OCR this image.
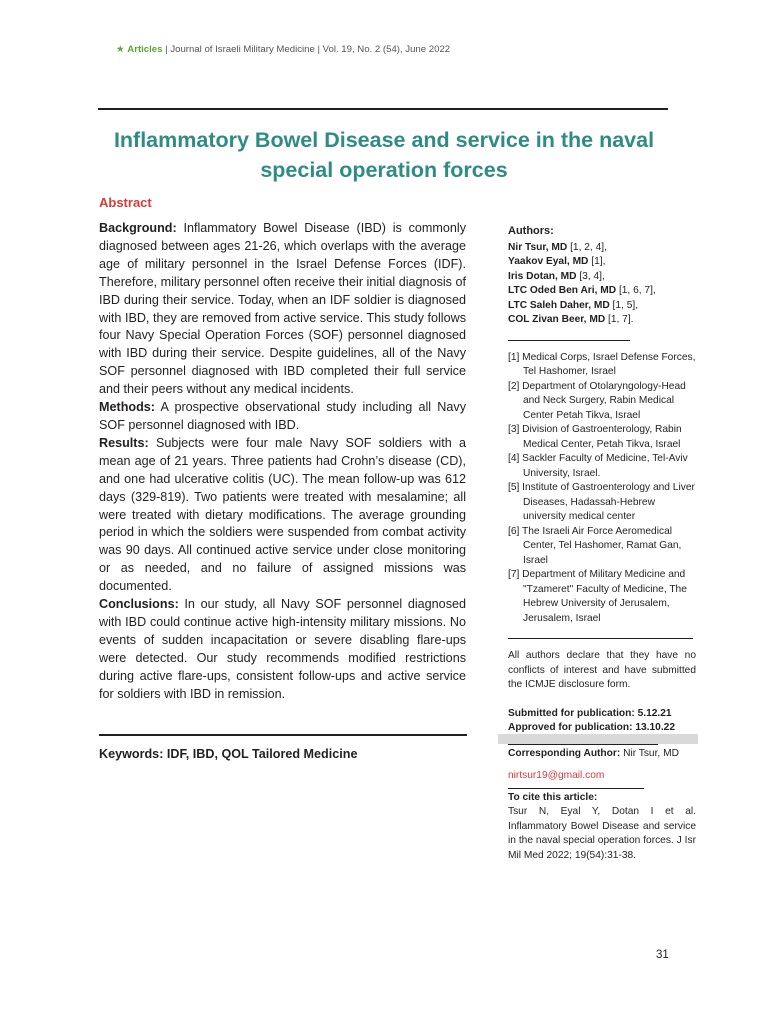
★ Articles | Journal of Israeli Military Medicine | Vol. 19, No. 2 (54), June 2022
Inflammatory Bowel Disease and service in the naval special operation forces
Abstract

Background: Inflammatory Bowel Disease (IBD) is commonly diagnosed between ages 21-26, which overlaps with the average age of military personnel in the Israel Defense Forces (IDF). Therefore, military personnel often receive their initial diagnosis of IBD during their service. Today, when an IDF soldier is diagnosed with IBD, they are removed from active service. This study follows four Navy Special Operation Forces (SOF) personnel diagnosed with IBD during their service. Despite guidelines, all of the Navy SOF personnel diagnosed with IBD completed their full service and their peers without any medical incidents.

Methods: A prospective observational study including all Navy SOF personnel diagnosed with IBD.

Results: Subjects were four male Navy SOF soldiers with a mean age of 21 years. Three patients had Crohn’s disease (CD), and one had ulcerative colitis (UC). The mean follow-up was 612 days (329-819). Two patients were treated with mesalamine; all were treated with dietary modifications. The average grounding period in which the soldiers were suspended from combat activity was 90 days. All continued active service under close monitoring or as needed, and no failure of assigned missions was documented.

Conclusions: In our study, all Navy SOF personnel diagnosed with IBD could continue active high-intensity military missions. No events of sudden incapacitation or severe disabling flare-ups were detected. Our study recommends modified restrictions during active flare-ups, consistent follow-ups and active service for soldiers with IBD in remission.

Keywords: IDF, IBD, QOL Tailored Medicine
Authors:
Nir Tsur, MD [1, 2, 4],
Yaakov Eyal, MD [1],
Iris Dotan, MD [3, 4],
LTC Oded Ben Ari, MD [1, 6, 7],
LTC Saleh Daher, MD [1, 5],
COL Zivan Beer, MD [1, 7].
[1] Medical Corps, Israel Defense Forces, Tel Hashomer, Israel
[2] Department of Otolaryngology-Head and Neck Surgery, Rabin Medical Center Petah Tikva, Israel
[3] Division of Gastroenterology, Rabin Medical Center, Petah Tikva, Israel
[4] Sackler Faculty of Medicine, Tel-Aviv University, Israel.
[5] Institute of Gastroenterology and Liver Diseases, Hadassah-Hebrew university medical center
[6] The Israeli Air Force Aeromedical Center, Tel Hashomer, Ramat Gan, Israel
[7] Department of Military Medicine and "Tzameret" Faculty of Medicine, The Hebrew University of Jerusalem, Jerusalem, Israel
All authors declare that they have no conflicts of interest and have submitted the ICMJE disclosure form.
Submitted for publication: 5.12.21
Approved for publication: 13.10.22
Corresponding Author: Nir Tsur, MD
nirtsur19@gmail.com
To cite this article:
Tsur N, Eyal Y, Dotan I et al. Inflammatory Bowel Disease and service in the naval special operation forces. J Isr Mil Med 2022; 19(54):31-38.
31
